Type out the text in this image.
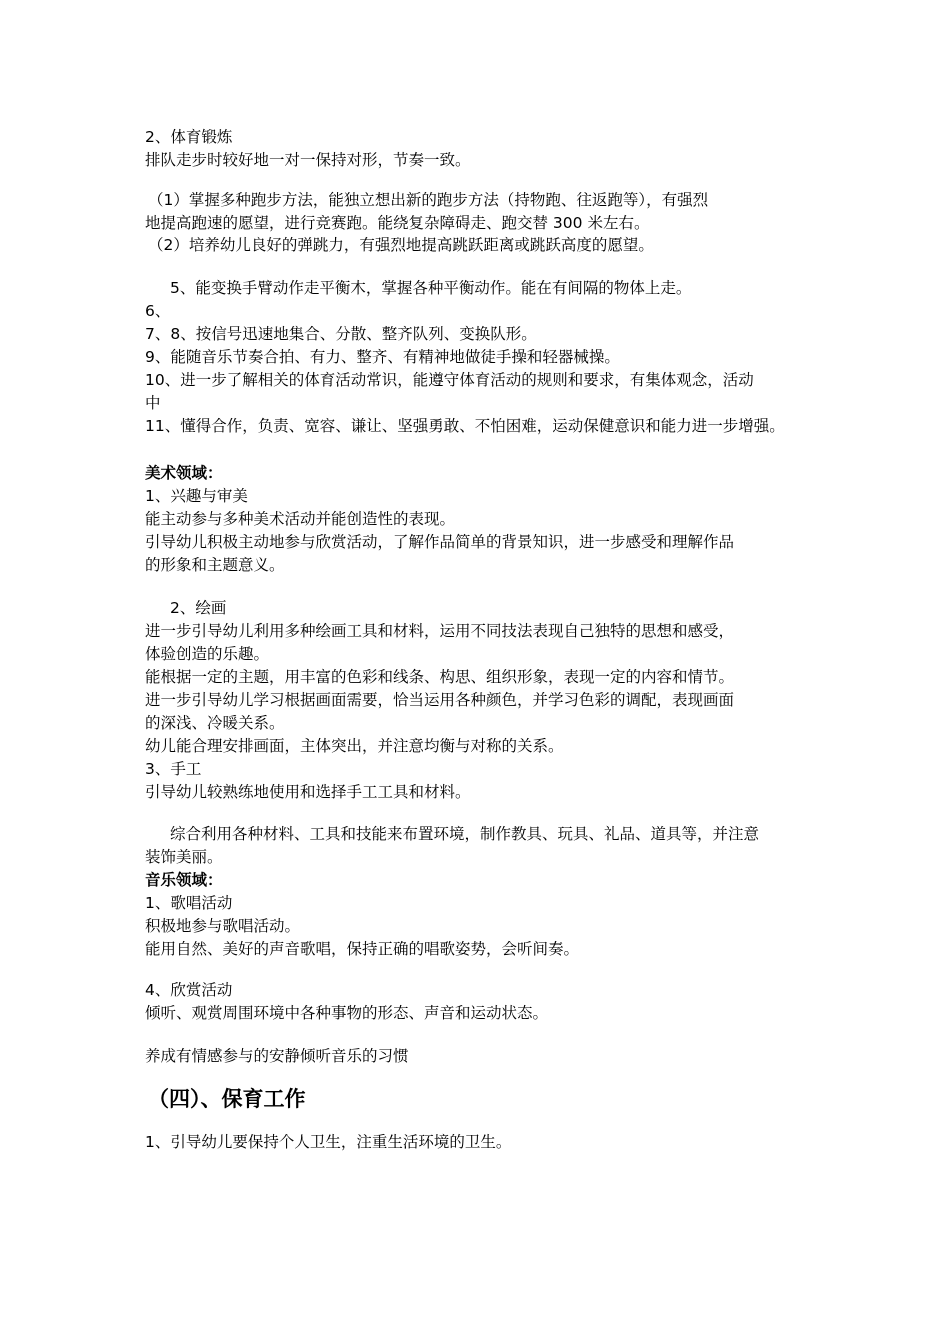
2、体育锻炼
排队走步时较好地一对一保持对形，节奏一致。
（1）掌握多种跑步方法，能独立想出新的跑步方法（持物跑、往返跑等），有强烈
地提高跑速的愿望，进行竞赛跑。能绕复杂障碍走、跑交替 300 米左右。
（2）培养幼儿良好的弹跳力，有强烈地提高跳跃距离或跳跃高度的愿望。
5、能变换手臂动作走平衡木，掌握各种平衡动作。能在有间隔的物体上走。
6、
7、8、按信号迅速地集合、分散、整齐队列、变换队形。
9、能随音乐节奏合拍、有力、整齐、有精神地做徒手操和轻器械操。
10、进一步了解相关的体育活动常识，能遵守体育活动的规则和要求，有集体观念，活动
中
11、懂得合作，负责、宽容、谦让、坚强勇敢、不怕困难，运动保健意识和能力进一步增强。
美术领域：
1、兴趣与审美
能主动参与多种美术活动并能创造性的表现。
引导幼儿积极主动地参与欣赏活动，了解作品简单的背景知识，进一步感受和理解作品
的形象和主题意义。
2、绘画
进一步引导幼儿利用多种绘画工具和材料，运用不同技法表现自己独特的思想和感受，
体验创造的乐趣。
能根据一定的主题，用丰富的色彩和线条、构思、组织形象，表现一定的内容和情节。
进一步引导幼儿学习根据画面需要，恰当运用各种颜色，并学习色彩的调配，表现画面
的深浅、冷暖关系。
幼儿能合理安排画面，主体突出，并注意均衡与对称的关系。
3、手工
引导幼儿较熟练地使用和选择手工工具和材料。
综合利用各种材料、工具和技能来布置环境，制作教具、玩具、礼品、道具等，并注意
装饰美丽。
音乐领域：
1、歌唱活动
积极地参与歌唱活动。
能用自然、美好的声音歌唱，保持正确的唱歌姿势，会听间奏。
4、欣赏活动
倾听、观赏周围环境中各种事物的形态、声音和运动状态。
养成有情感参与的安静倾听音乐的习惯
（四）、保育工作
1、引导幼儿要保持个人卫生，注重生活环境的卫生。
